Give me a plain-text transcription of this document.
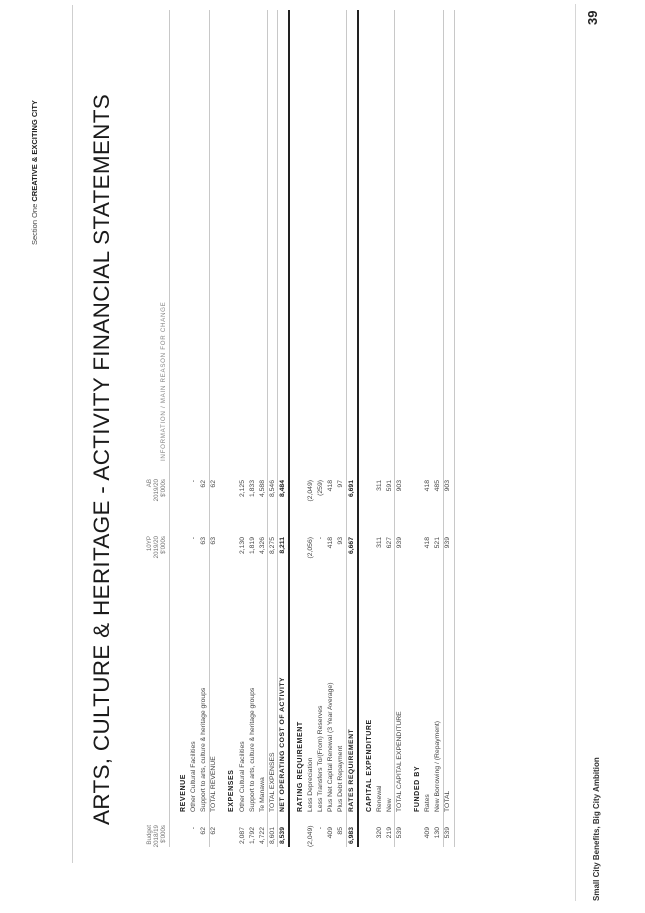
Section One CREATIVE & EXCITING CITY ARTS, CULTURE & HERITAGE - ACTIVITY FINANCIAL STATEMENTS
Budget 2018/19 $'000s
10YP 2019/20 $'000s
AB 2019/20 $'000s
INFORMATION / MAIN REASON FOR CHANGE
REVENUE
-
Other Cultural Facilities
-
-
62
Support to arts, culture & heritage groups
63
62
62
TOTAL REVENUE
63
62
EXPENSES
2,087
Other Cultural Facilities
2,130
2,125
1,792
Support to arts, culture & heritage groups
1,819
1,833
4,722
Te Manawa
4,326
4,588
8,601
TOTAL EXPENSES
8,275
8,546
8,539
NET OPERATING COST OF ACTIVITY
8,211
8,484
RATING REQUIREMENT
(2,049)
Less Depreciation
(2,056)
(2,049)
-
Less Transfers To/(From) Reserves
-
(259)
409
Plus Net Capital Renewal (3 Year Average)
418
418
85
Plus Debt Repayment
93
97
6,983
RATES REQUIREMENT
6,667
6,691
CAPITAL EXPENDITURE
320
Renewal
311
311
219
New
627
591
539
TOTAL CAPITAL EXPENDITURE
939
903
FUNDED BY
409
Rates
418
418
130
New Borrowing / (Repayment)
521
485
539
TOTAL
939
903
Small City Benefits, Big City Ambition
39
